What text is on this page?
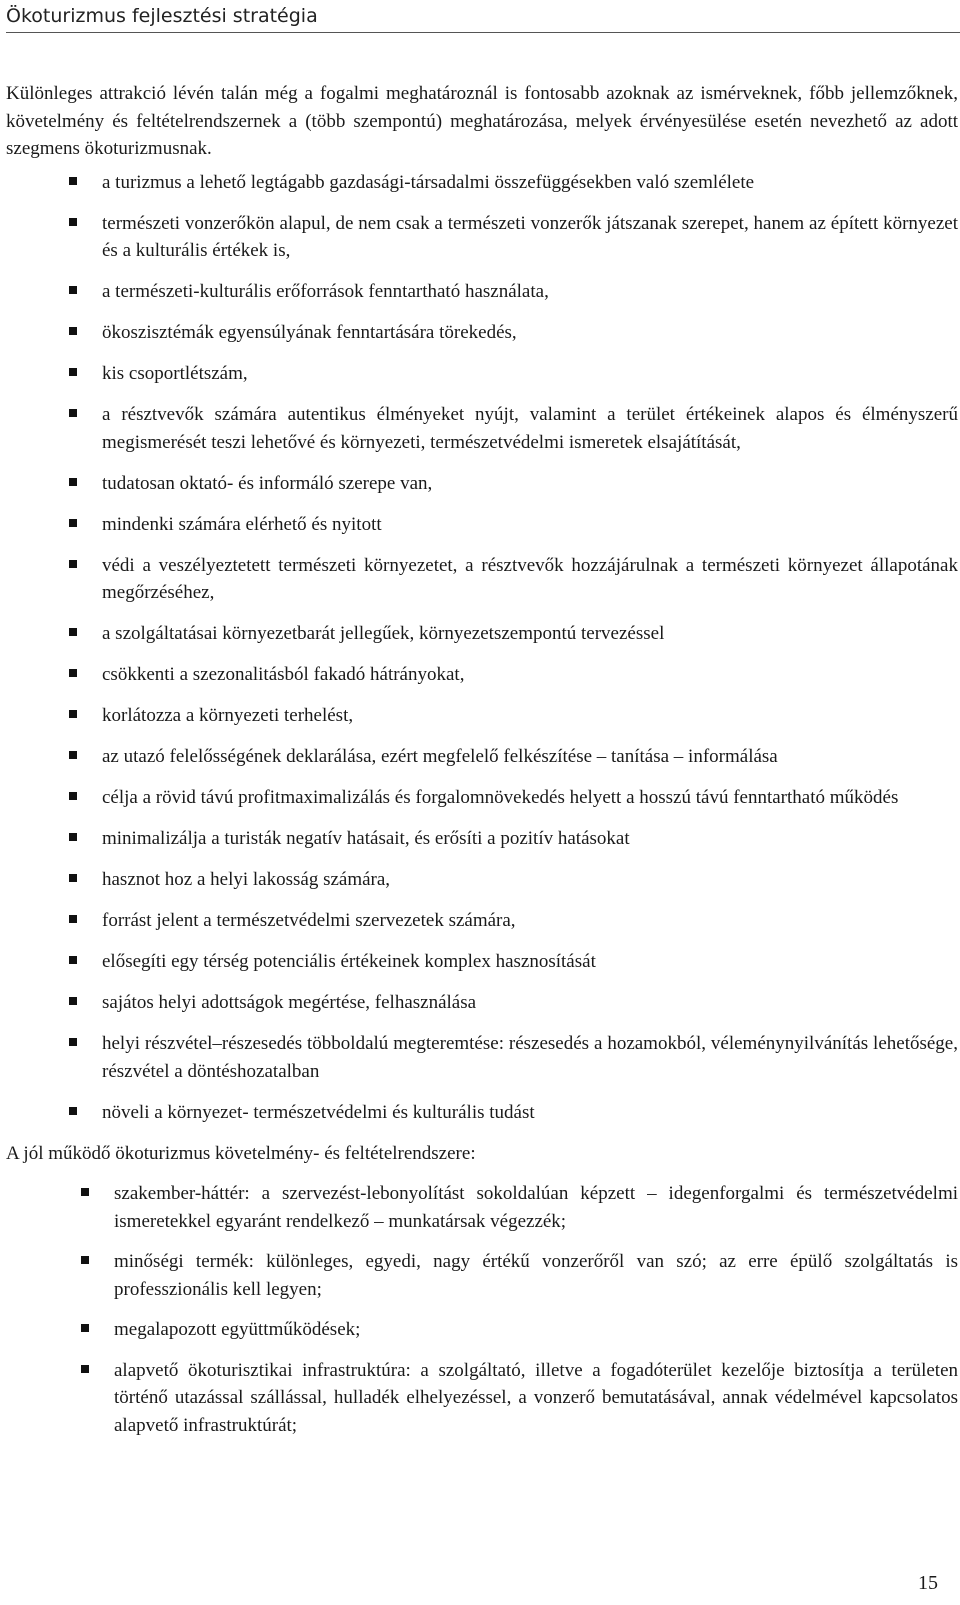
Ökoturizmus fejlesztési stratégia

Különleges attrakció lévén talán még a fogalmi meghatároznál is fontosabb azoknak az ismérveknek, főbb jellemzőknek, követelmény és feltételrendszernek a (több szempontú) meghatározása, melyek érvényesülése esetén nevezhető az adott szegmens ökoturizmusnak.

a turizmus a lehető legtágabb gazdasági-társadalmi összefüggésekben való szemlélete
természeti vonzerőkön alapul, de nem csak a természeti vonzerők játszanak szerepet, hanem az épített környezet és a kulturális értékek is,
a természeti-kulturális erőforrások fenntartható használata,
ökoszisztémák egyensúlyának fenntartására törekedés,
kis csoportlétszám,
a résztvevők számára autentikus élményeket nyújt, valamint a terület értékeinek alapos és élményszerű megismerését teszi lehetővé és környezeti, természetvédelmi ismeretek elsajátítását,
tudatosan oktató- és informáló szerepe van,
mindenki számára elérhető és nyitott
védi a veszélyeztetett természeti környezetet, a résztvevők hozzájárulnak a természeti környezet állapotának megőrzéséhez,
a szolgáltatásai környezetbarát jellegűek, környezetszempontú tervezéssel
csökkenti a szezonalitásból fakadó hátrányokat,
korlátozza a környezeti terhelést,
az utazó felelősségének deklarálása, ezért megfelelő felkészítése – tanítása – informálása
célja a rövid távú profitmaximalizálás és forgalomnövekedés helyett a hosszú távú fenntartható működés
minimalizálja a turisták negatív hatásait, és erősíti a pozitív hatásokat
hasznot hoz a helyi lakosság számára,
forrást jelent a természetvédelmi szervezetek számára,
elősegíti egy térség potenciális értékeinek komplex hasznosítását
sajátos helyi adottságok megértése, felhasználása
helyi részvétel–részesedés többoldalú megteremtése: részesedés a hozamokból, véleménynyilvánítás lehetősége, részvétel a döntéshozatalban
növeli a környezet- természetvédelmi és kulturális tudást

A jól működő ökoturizmus követelmény- és feltételrendszere:

szakember-háttér: a szervezést-lebonyolítást sokoldalúan képzett – idegenforgalmi és természetvédelmi ismeretekkel egyaránt rendelkező – munkatársak végezzék;
minőségi termék: különleges, egyedi, nagy értékű vonzerőről van szó; az erre épülő szolgáltatás is professzionális kell legyen;
megalapozott együttműködések;
alapvető ökoturisztikai infrastruktúra: a szolgáltató, illetve a fogadóterület kezelője biztosítja a területen történő utazással szállással, hulladék elhelyezéssel, a vonzerő bemutatásával, annak védelmével kapcsolatos alapvető infrastruktúrát;
15
